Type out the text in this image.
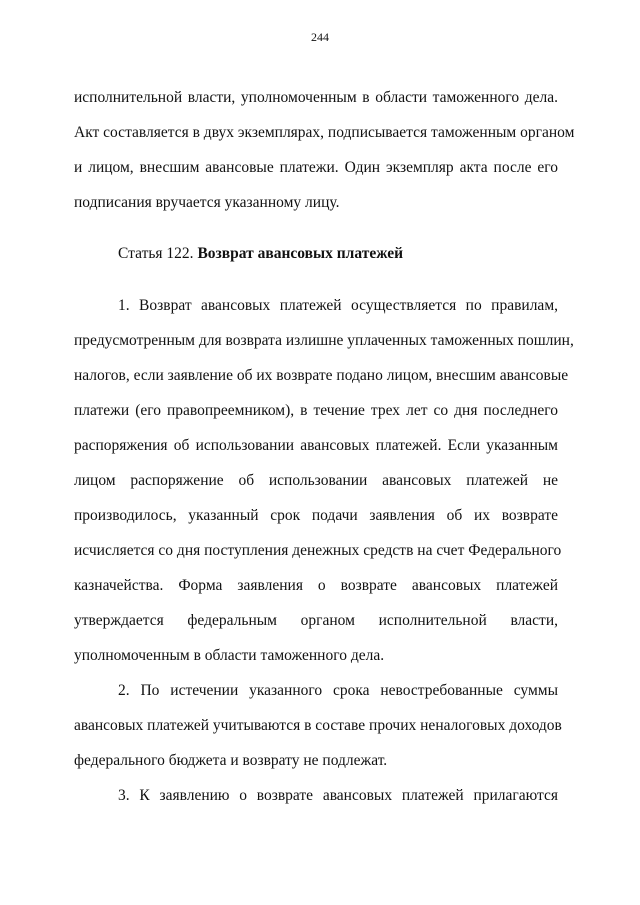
244
исполнительной власти, уполномоченным в области таможенного дела.
Акт составляется в двух экземплярах, подписывается таможенным органом
и лицом, внесшим авансовые платежи. Один экземпляр акта после его
подписания вручается указанному лицу.
Статья 122. Возврат авансовых платежей
1. Возврат авансовых платежей осуществляется по правилам,
предусмотренным для возврата излишне уплаченных таможенных пошлин,
налогов, если заявление об их возврате подано лицом, внесшим авансовые
платежи (его правопреемником), в течение трех лет со дня последнего
распоряжения об использовании авансовых платежей. Если указанным
лицом распоряжение об использовании авансовых платежей не
производилось, указанный срок подачи заявления об их возврате
исчисляется со дня поступления денежных средств на счет Федерального
казначейства. Форма заявления о возврате авансовых платежей
утверждается федеральным органом исполнительной власти,
уполномоченным в области таможенного дела.
2. По истечении указанного срока невостребованные суммы
авансовых платежей учитываются в составе прочих неналоговых доходов
федерального бюджета и возврату не подлежат.
3. К заявлению о возврате авансовых платежей прилагаются
